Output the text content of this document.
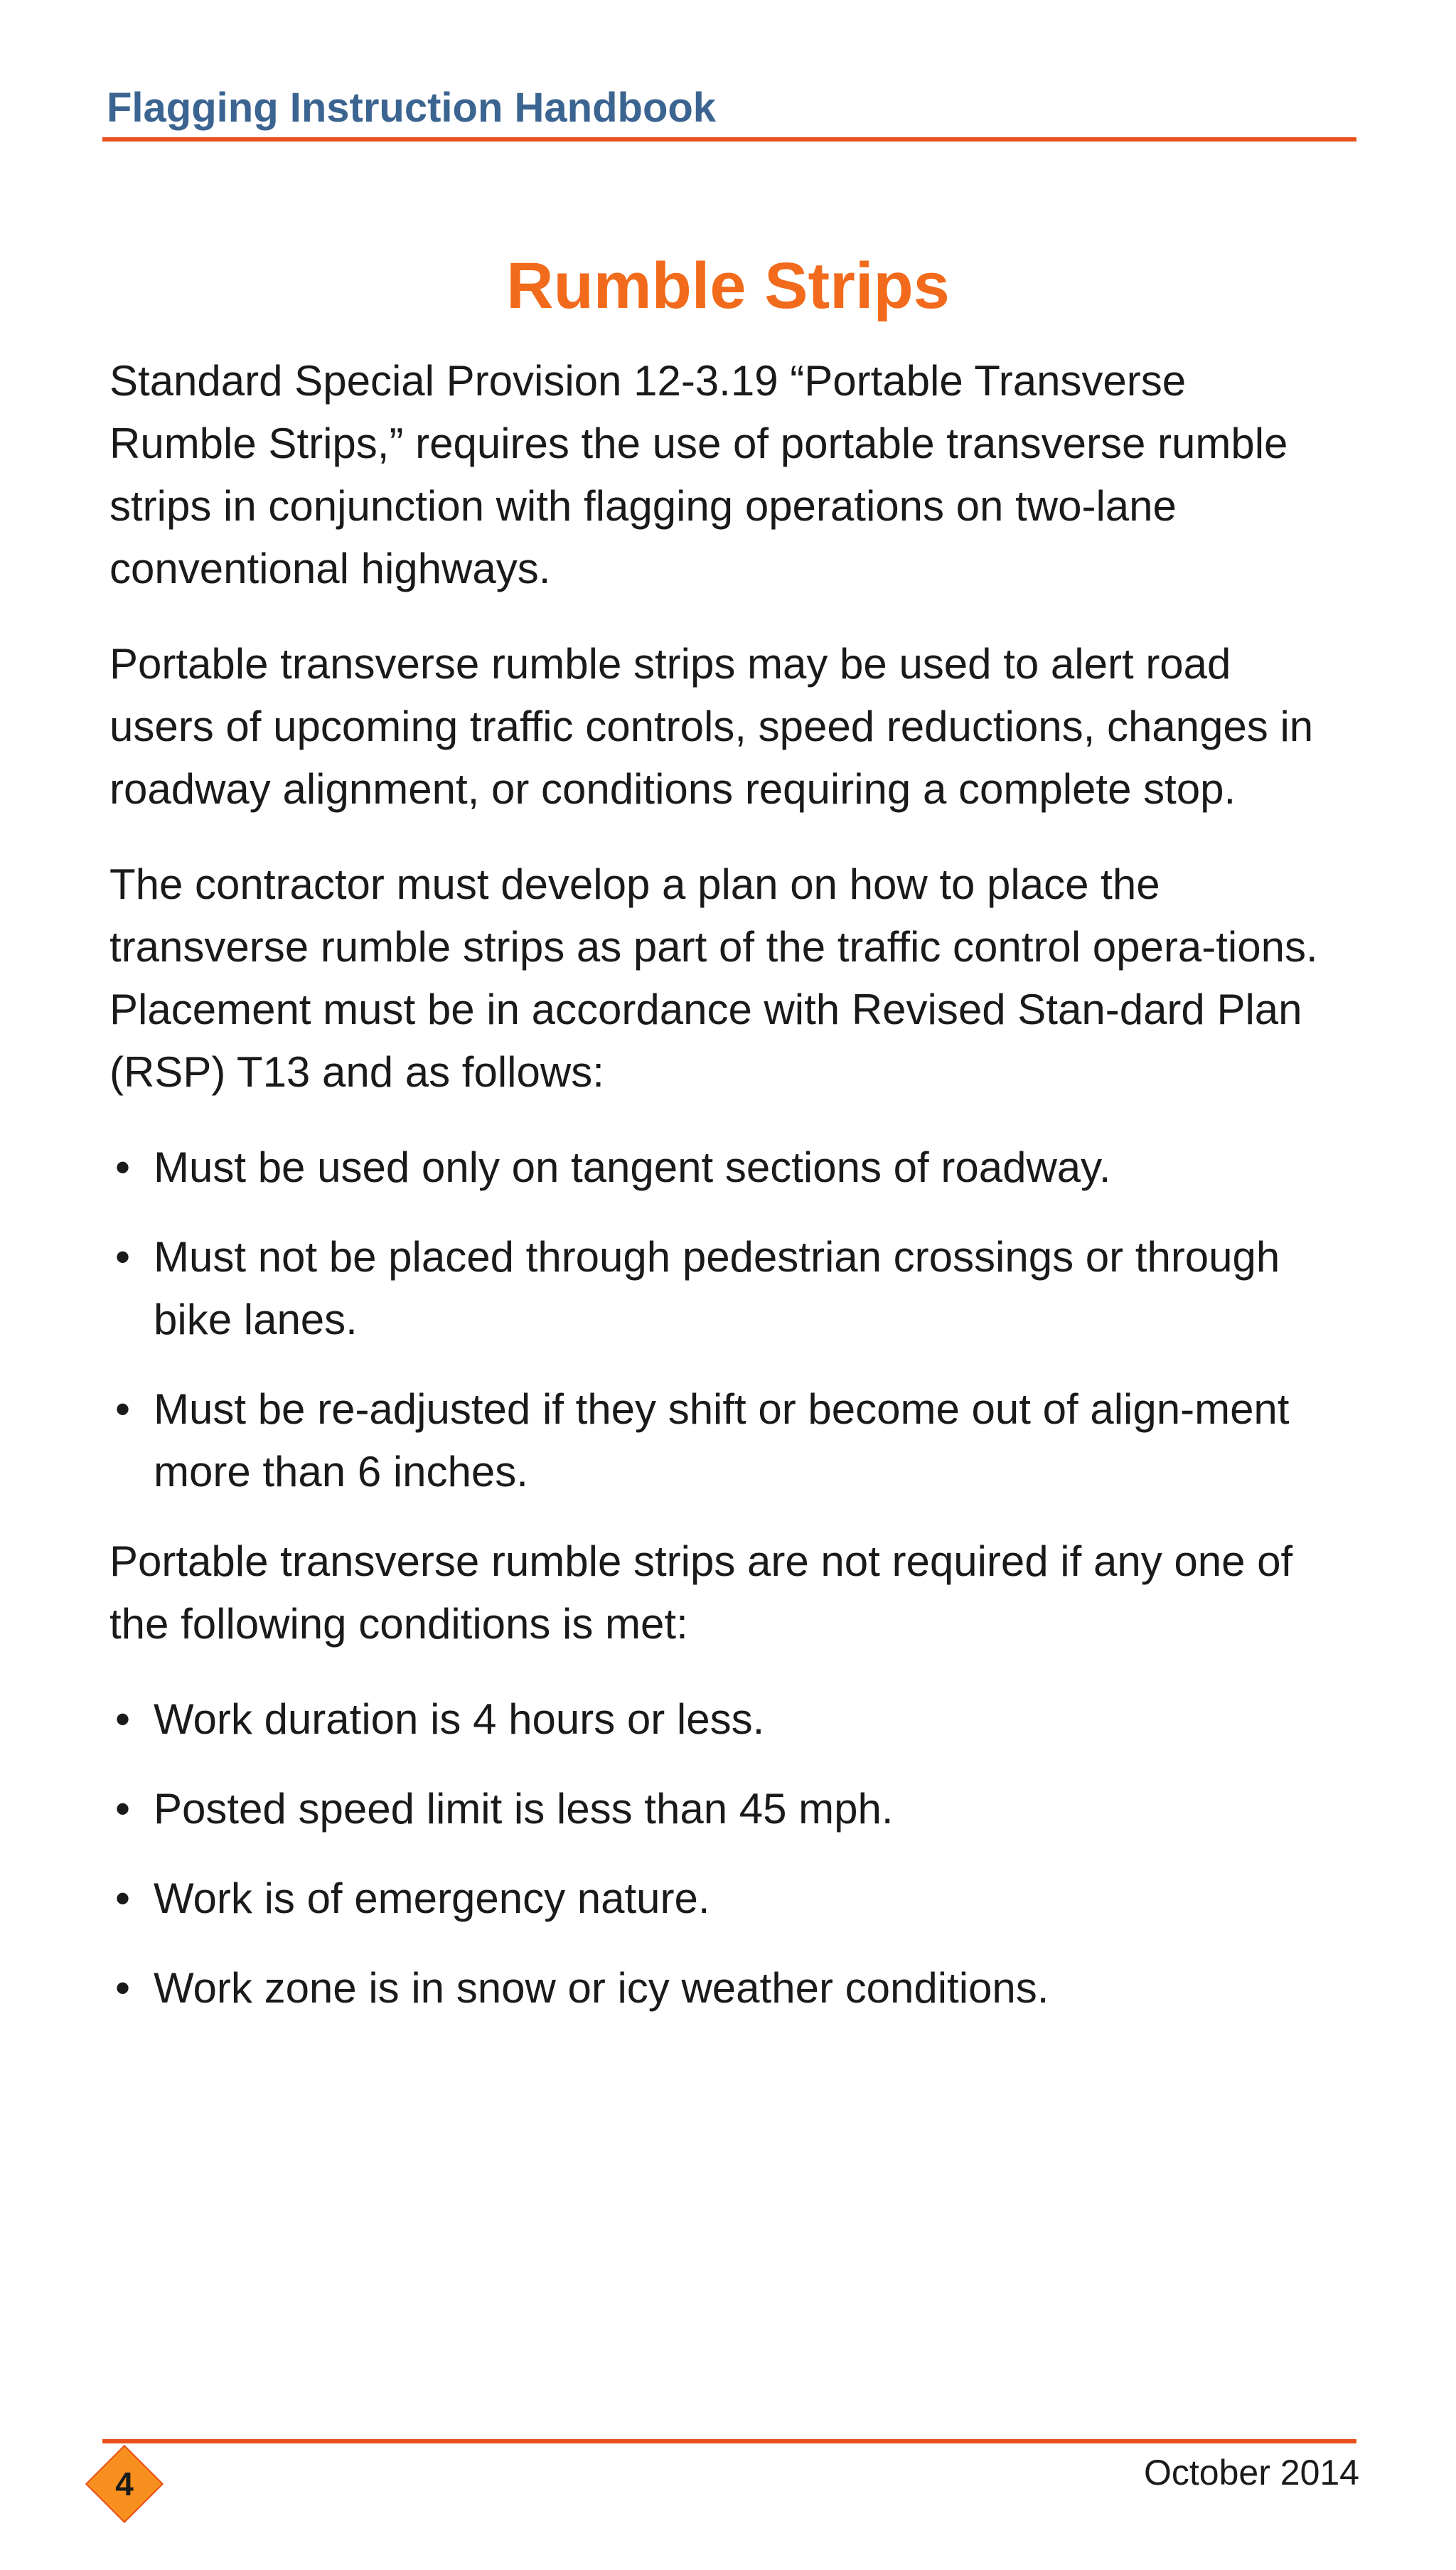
Flagging Instruction Handbook
Rumble Strips

Standard Special Provision 12-3.19 “Portable Transverse Rumble Strips,” requires the use of portable transverse rumble strips in conjunction with flagging operations on two-lane conventional highways.

Portable transverse rumble strips may be used to alert road users of upcoming traffic controls, speed reductions, changes in roadway alignment, or conditions requiring a complete stop.

The contractor must develop a plan on how to place the transverse rumble strips as part of the traffic control opera-tions. Placement must be in accordance with Revised Stan-dard Plan (RSP) T13 and as follows:

• Must be used only on tangent sections of roadway.
• Must not be placed through pedestrian crossings or through bike lanes.
• Must be re-adjusted if they shift or become out of align-ment more than 6 inches.

Portable transverse rumble strips are not required if any one of the following conditions is met:

• Work duration is 4 hours or less.
• Posted speed limit is less than 45 mph.
• Work is of emergency nature.
• Work zone is in snow or icy weather conditions.
4	October 2014
